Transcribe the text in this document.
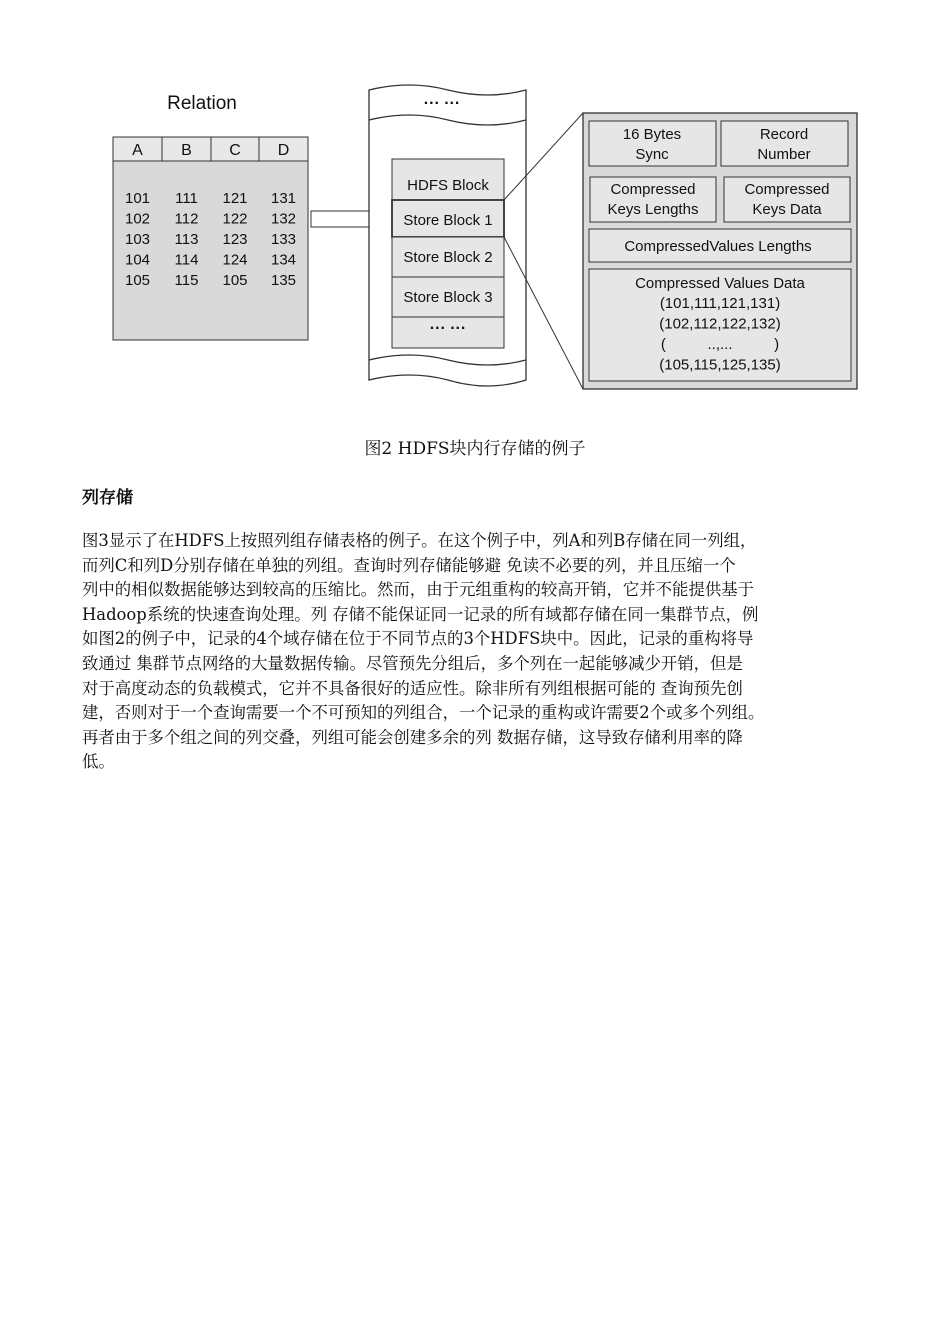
Relation
A B C D
101 111 121 131
102 112 122 132
103 113 123 133
104 114 124 134
105 115 105 135
··· ···
HDFS Block
Store Block 1
Store Block 2
Store Block 3
··· ···
16 Bytes
Sync
Record
Number
Compressed
Keys Lengths
Compressed
Keys Data
CompressedValues Lengths
Compressed Values Data
(101,111,121,131)
(102,112,122,132)
(          ..,...          )
(105,115,125,135)
图2 HDFS块内行存储的例子
列存储

图3显示了在HDFS上按照列组存储表格的例子。在这个例子中，列A和列B存储在同一列组，
而列C和列D分别存储在单独的列组。查询时列存储能够避 免读不必要的列，并且压缩一个
列中的相似数据能够达到较高的压缩比。然而，由于元组重构的较高开销，它并不能提供基于
Hadoop系统的快速查询处理。列 存储不能保证同一记录的所有域都存储在同一集群节点，例
如图2的例子中，记录的4个域存储在位于不同节点的3个HDFS块中。因此，记录的重构将导
致通过 集群节点网络的大量数据传输。尽管预先分组后，多个列在一起能够减少开销，但是
对于高度动态的负载模式，它并不具备很好的适应性。除非所有列组根据可能的 查询预先创
建，否则对于一个查询需要一个不可预知的列组合，一个记录的重构或许需要2个或多个列组。
再者由于多个组之间的列交叠，列组可能会创建多余的列 数据存储，这导致存储利用率的降
低。
